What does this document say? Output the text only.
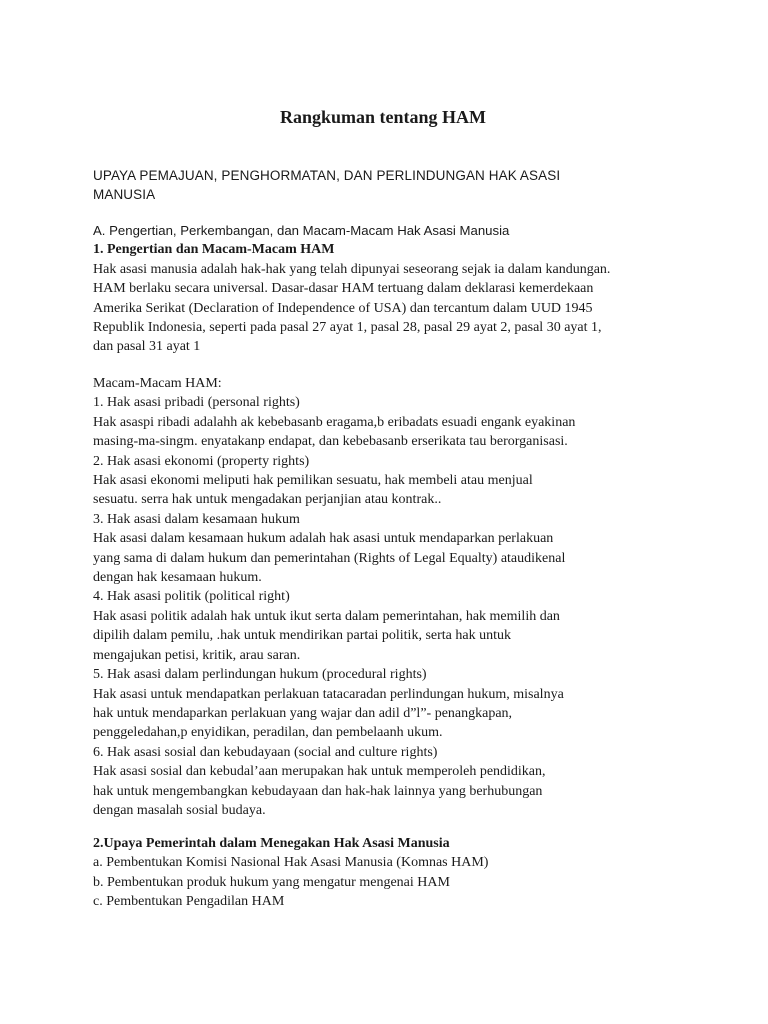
Rangkuman tentang HAM
UPAYA PEMAJUAN, PENGHORMATAN, DAN PERLINDUNGAN HAK ASASI
MANUSIA
A. Pengertian, Perkembangan, dan Macam-Macam Hak Asasi Manusia
1. Pengertian dan Macam-Macam HAM
Hak asasi manusia adalah hak-hak yang telah dipunyai seseorang sejak ia dalam kandungan.
HAM berlaku secara universal. Dasar-dasar HAM tertuang dalam deklarasi kemerdekaan
Amerika Serikat (Declaration of Independence of USA) dan tercantum dalam UUD 1945
Republik Indonesia, seperti pada pasal 27 ayat 1, pasal 28, pasal 29 ayat 2, pasal 30 ayat 1,
dan pasal 31 ayat 1
Macam-Macam HAM:
1. Hak asasi pribadi (personal rights)
Hak asaspi ribadi adalahh ak kebebasanb eragama,b eribadats esuadi engank eyakinan
masing-ma-singm. enyatakanp endapat, dan kebebasanb erserikata tau berorganisasi.
2. Hak asasi ekonomi (property rights)
Hak asasi ekonomi meliputi hak pemilikan sesuatu, hak membeli atau menjual
sesuatu. serra hak untuk mengadakan perjanjian atau kontrak..
3. Hak asasi dalam kesamaan hukum
Hak asasi dalam kesamaan hukum adalah hak asasi untuk mendaparkan perlakuan
yang sama di dalam hukum dan pemerintahan (Rights of Legal Equalty) ataudikenal
dengan hak kesamaan hukum.
4. Hak asasi politik (political right)
Hak asasi politik adalah hak untuk ikut serta dalam pemerintahan, hak memilih dan
dipilih dalam pemilu, .hak untuk mendirikan partai politik, serta hak untuk
mengajukan petisi, kritik, arau saran.
5. Hak asasi dalam perlindungan hukum (procedural rights)
Hak asasi untuk mendapatkan perlakuan tatacaradan perlindungan hukum, misalnya
hak untuk mendaparkan perlakuan yang wajar dan adil d”l”- penangkapan,
penggeledahan,p enyidikan, peradilan, dan pembelaanh ukum.
6. Hak asasi sosial dan kebudayaan (social and culture rights)
Hak asasi sosial dan kebudal’aan merupakan hak untuk memperoleh pendidikan,
hak untuk mengembangkan kebudayaan dan hak-hak lainnya yang berhubungan
dengan masalah sosial budaya.
2.Upaya Pemerintah dalam Menegakan Hak Asasi Manusia
a. Pembentukan Komisi Nasional Hak Asasi Manusia (Komnas HAM)
b. Pembentukan produk hukum yang mengatur mengenai HAM
c. Pembentukan Pengadilan HAM
